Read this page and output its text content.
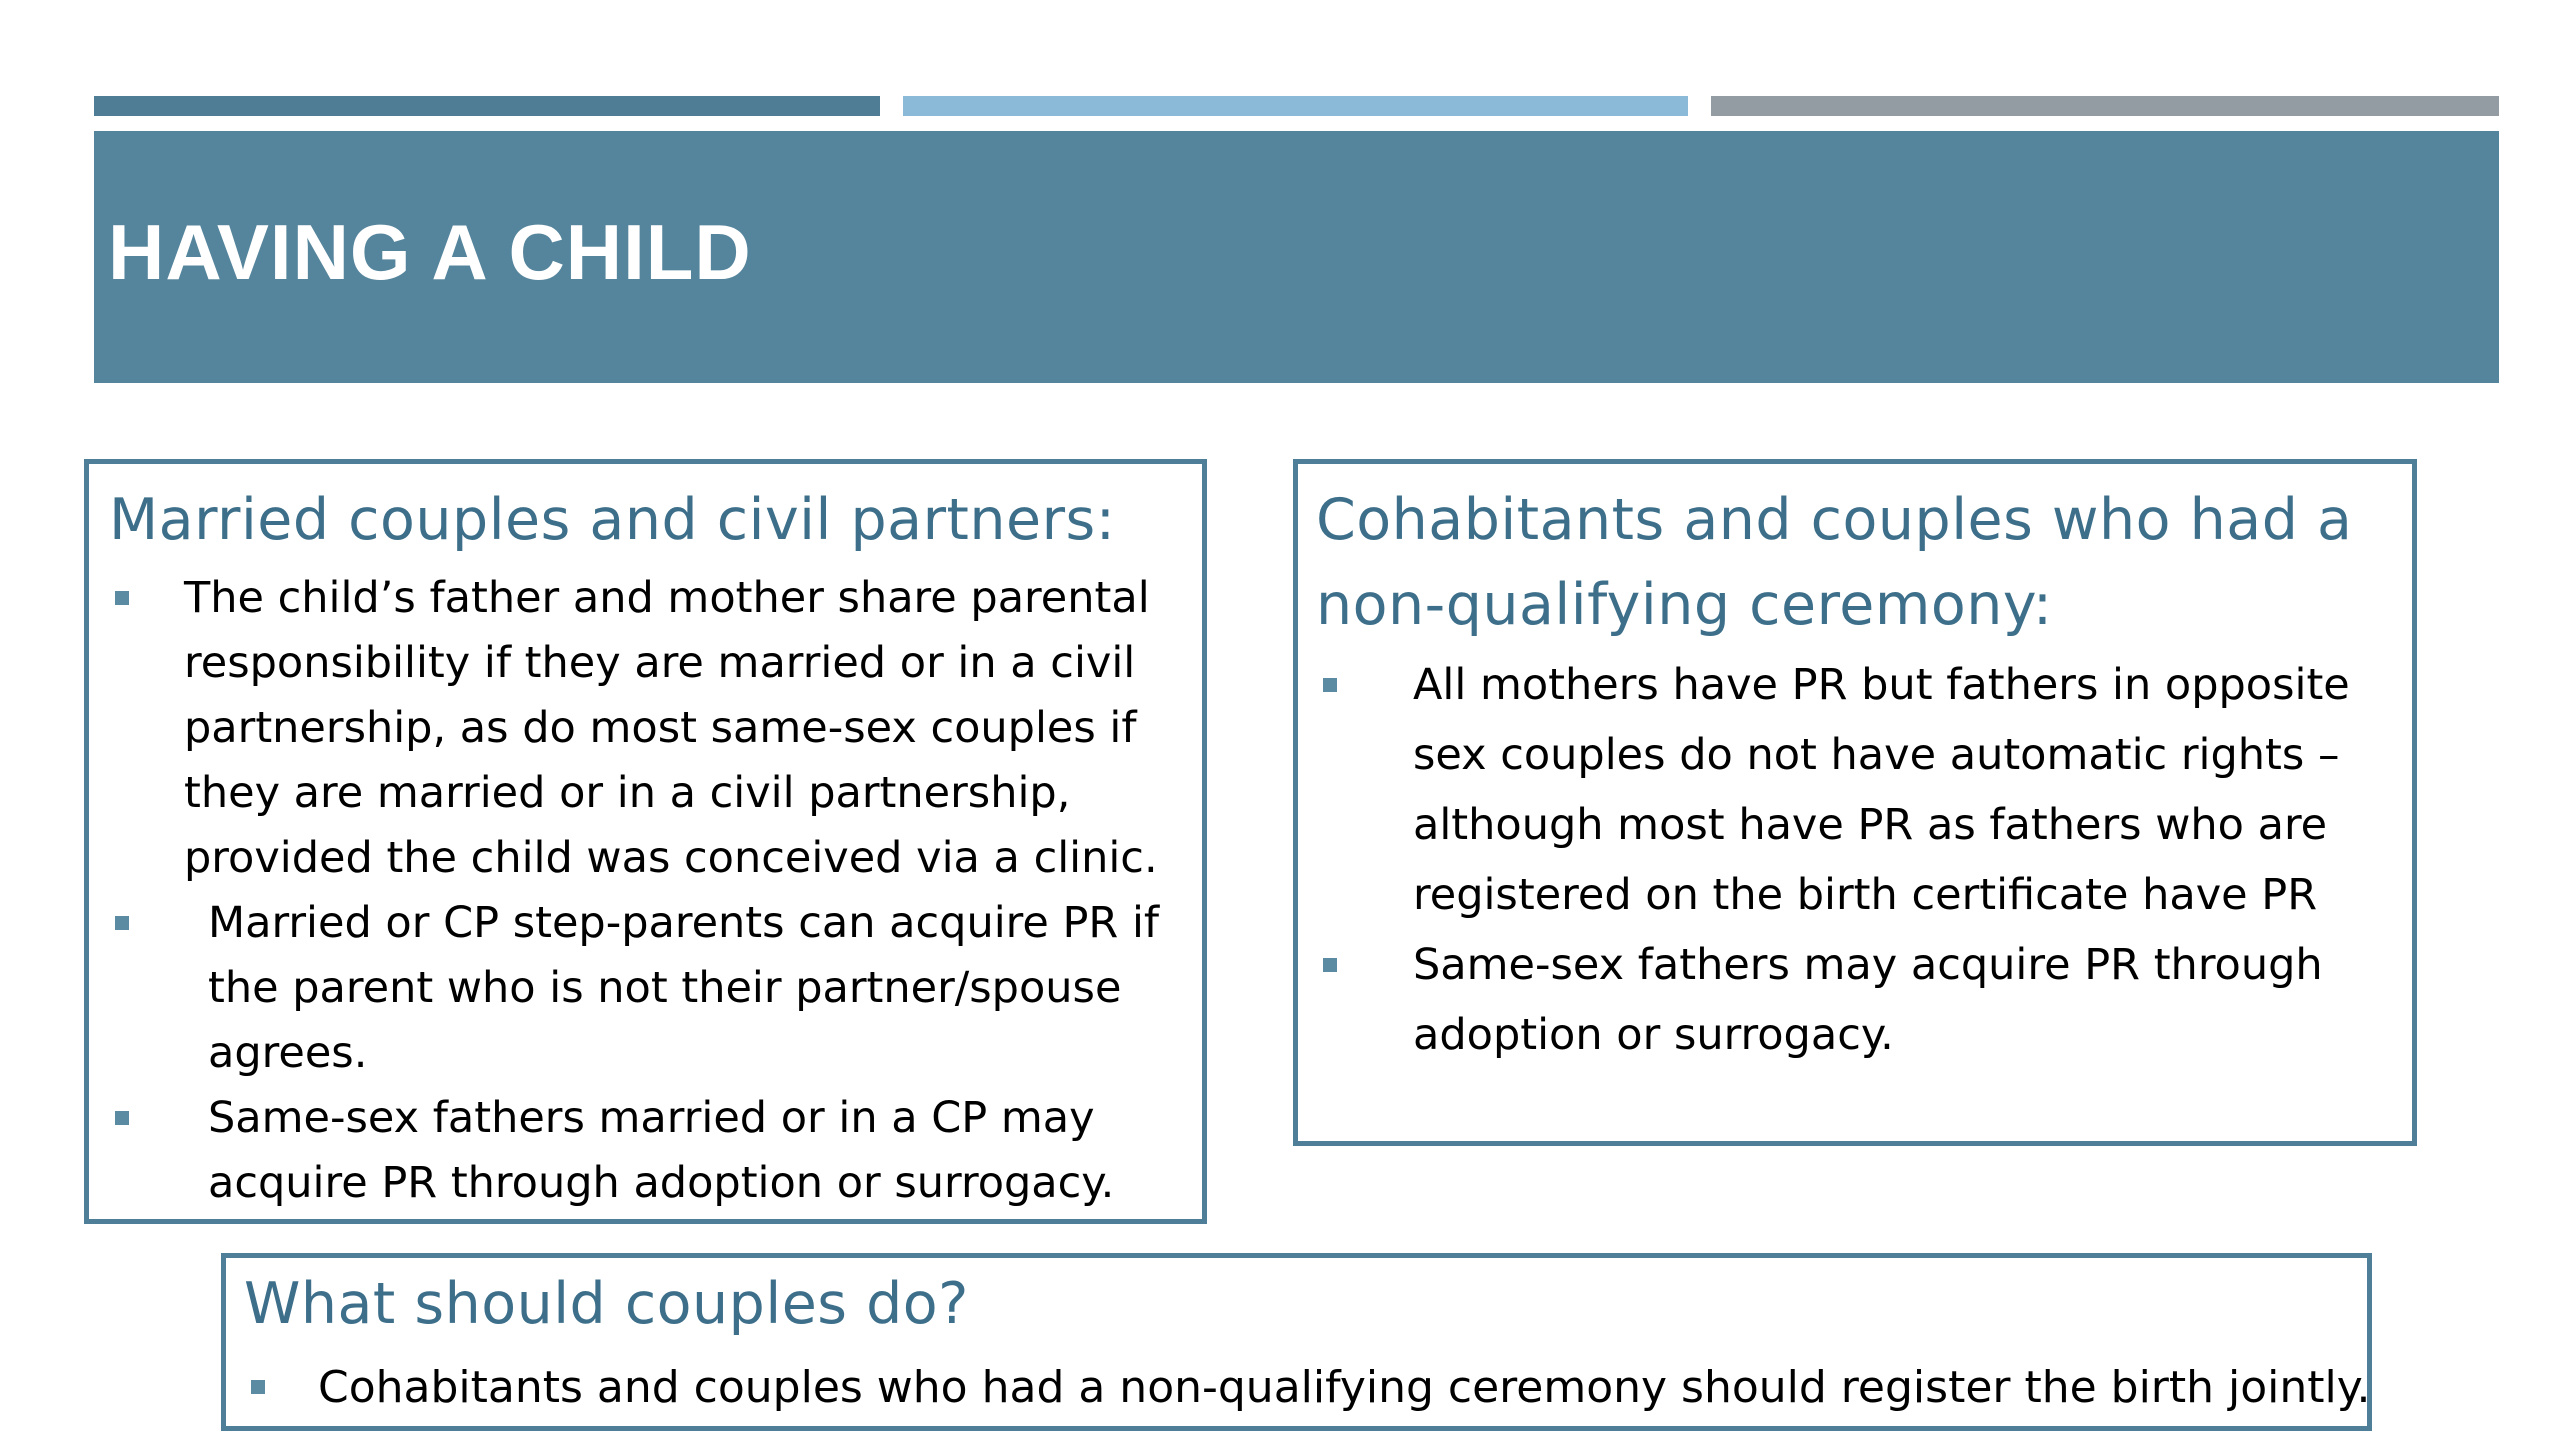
HAVING A CHILD
Married couples and civil partners:
The child’s father and mother share parental responsibility if they are married or in a civil partnership, as do most same-sex couples if they are married or in a civil partnership, provided the child was conceived via a clinic.
Married or CP step-parents can acquire PR if the parent who is not their partner/spouse agrees.
Same-sex fathers married or in a CP may acquire PR through adoption or surrogacy.
Cohabitants and couples who had a non-qualifying ceremony:
All mothers have PR but fathers in opposite sex couples do not have automatic rights – although most have PR as fathers who are registered on the birth certificate have PR
Same-sex fathers may acquire PR through adoption or surrogacy.
What should couples do?
Cohabitants and couples who had a non-qualifying ceremony should register the birth jointly.
